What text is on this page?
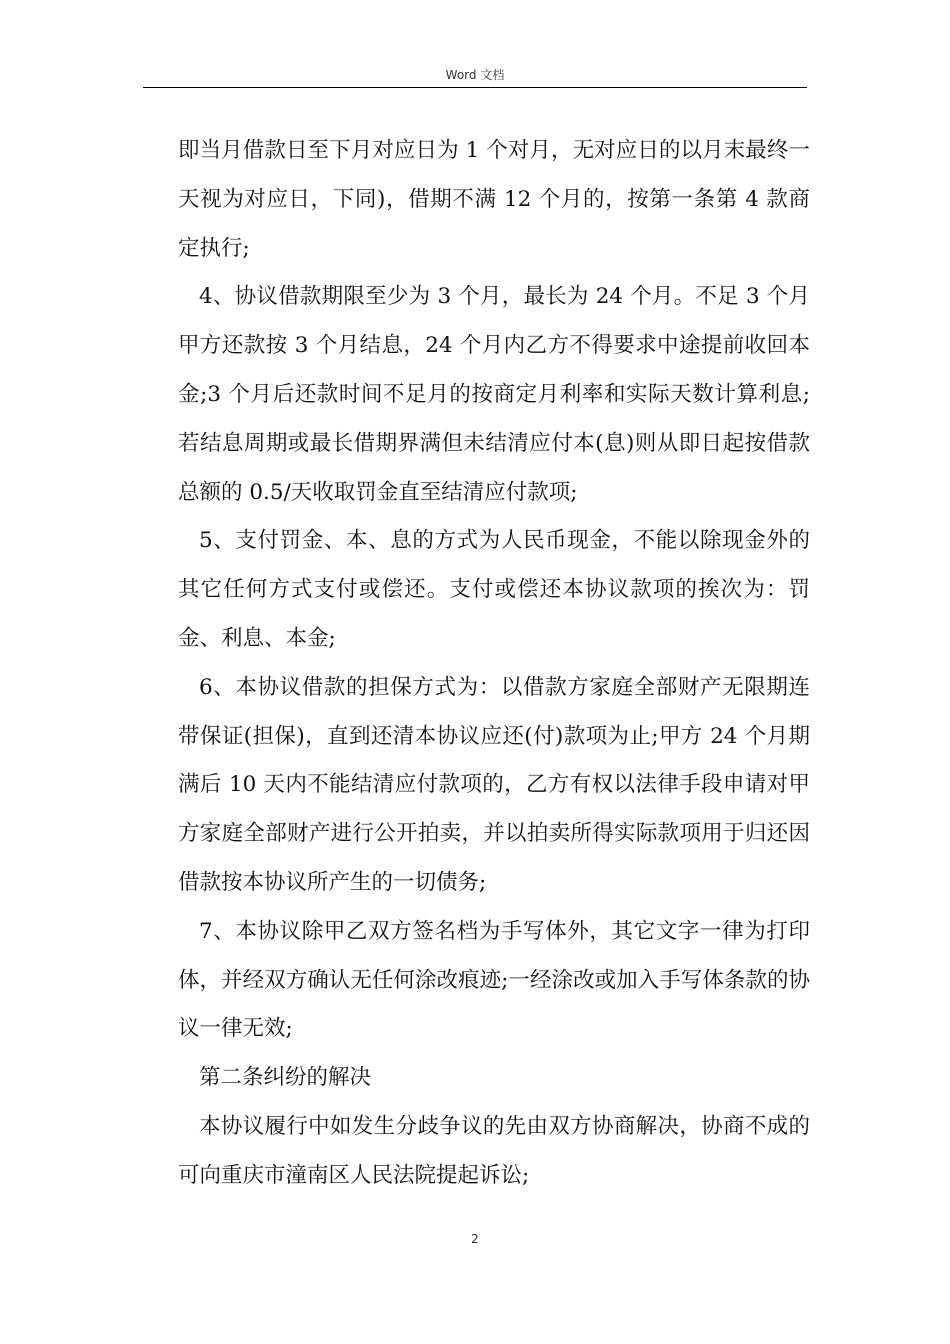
Word 文档

即当月借款日至下月对应日为 1 个对月，无对应日的以月末最终一天视为对应日，下同)，借期不满 12 个月的，按第一条第 4 款商定执行;

4、协议借款期限至少为 3 个月，最长为 24 个月。不足 3 个月甲方还款按 3 个月结息，24 个月内乙方不得要求中途提前收回本金;3 个月后还款时间不足月的按商定月利率和实际天数计算利息;若结息周期或最长借期界满但未结清应付本(息)则从即日起按借款总额的 0.5/天收取罚金直至结清应付款项;

5、支付罚金、本、息的方式为人民币现金，不能以除现金外的其它任何方式支付或偿还。支付或偿还本协议款项的挨次为：罚金、利息、本金;

6、本协议借款的担保方式为：以借款方家庭全部财产无限期连带保证(担保)，直到还清本协议应还(付)款项为止;甲方 24 个月期满后 10 天内不能结清应付款项的，乙方有权以法律手段申请对甲方家庭全部财产进行公开拍卖，并以拍卖所得实际款项用于归还因借款按本协议所产生的一切债务;

7、本协议除甲乙双方签名档为手写体外，其它文字一律为打印体，并经双方确认无任何涂改痕迹;一经涂改或加入手写体条款的协议一律无效;

第二条纠纷的解决

本协议履行中如发生分歧争议的先由双方协商解决，协商不成的可向重庆市潼南区人民法院提起诉讼;

2
